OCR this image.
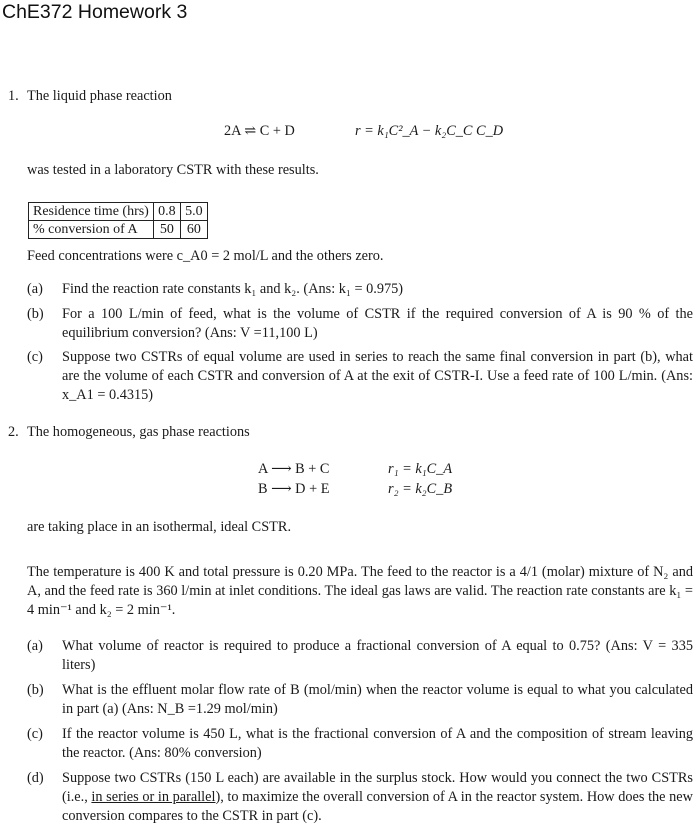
ChE372 Homework 3
1. The liquid phase reaction
2A ⇌ C + D	r = k₁C²_A − k₂C_C C_D
was tested in a laboratory CSTR with these results.
Residence time (hrs)	0.8	5.0
% conversion of A	50	60
Feed concentrations were c_A0 = 2 mol/L and the others zero.
(a)	Find the reaction rate constants k₁ and k₂. (Ans: k₁ = 0.975)
(b)	For a 100 L/min of feed, what is the volume of CSTR if the required conversion of A is 90 % of the equilibrium conversion? (Ans: V =11,100 L)
(c)	Suppose two CSTRs of equal volume are used in series to reach the same final conversion in part (b), what are the volume of each CSTR and conversion of A at the exit of CSTR-I. Use a feed rate of 100 L/min. (Ans: x_A1 = 0.4315)
2. The homogeneous, gas phase reactions
A ⟶ B + C	r₁ = k₁C_A
B ⟶ D + E	r₂ = k₂C_B
are taking place in an isothermal, ideal CSTR.
The temperature is 400 K and total pressure is 0.20 MPa. The feed to the reactor is a 4/1 (molar) mixture of N₂ and A, and the feed rate is 360 l/min at inlet conditions. The ideal gas laws are valid. The reaction rate constants are k₁ = 4 min⁻¹ and k₂ = 2 min⁻¹.
(a)	What volume of reactor is required to produce a fractional conversion of A equal to 0.75? (Ans: V = 335 liters)
(b)	What is the effluent molar flow rate of B (mol/min) when the reactor volume is equal to what you calculated in part (a) (Ans: N_B =1.29 mol/min)
(c)	If the reactor volume is 450 L, what is the fractional conversion of A and the composition of stream leaving the reactor. (Ans: 80% conversion)
(d)	Suppose two CSTRs (150 L each) are available in the surplus stock. How would you connect the two CSTRs (i.e., in series or in parallel), to maximize the overall conversion of A in the reactor system. How does the new conversion compares to the CSTR in part (c).
